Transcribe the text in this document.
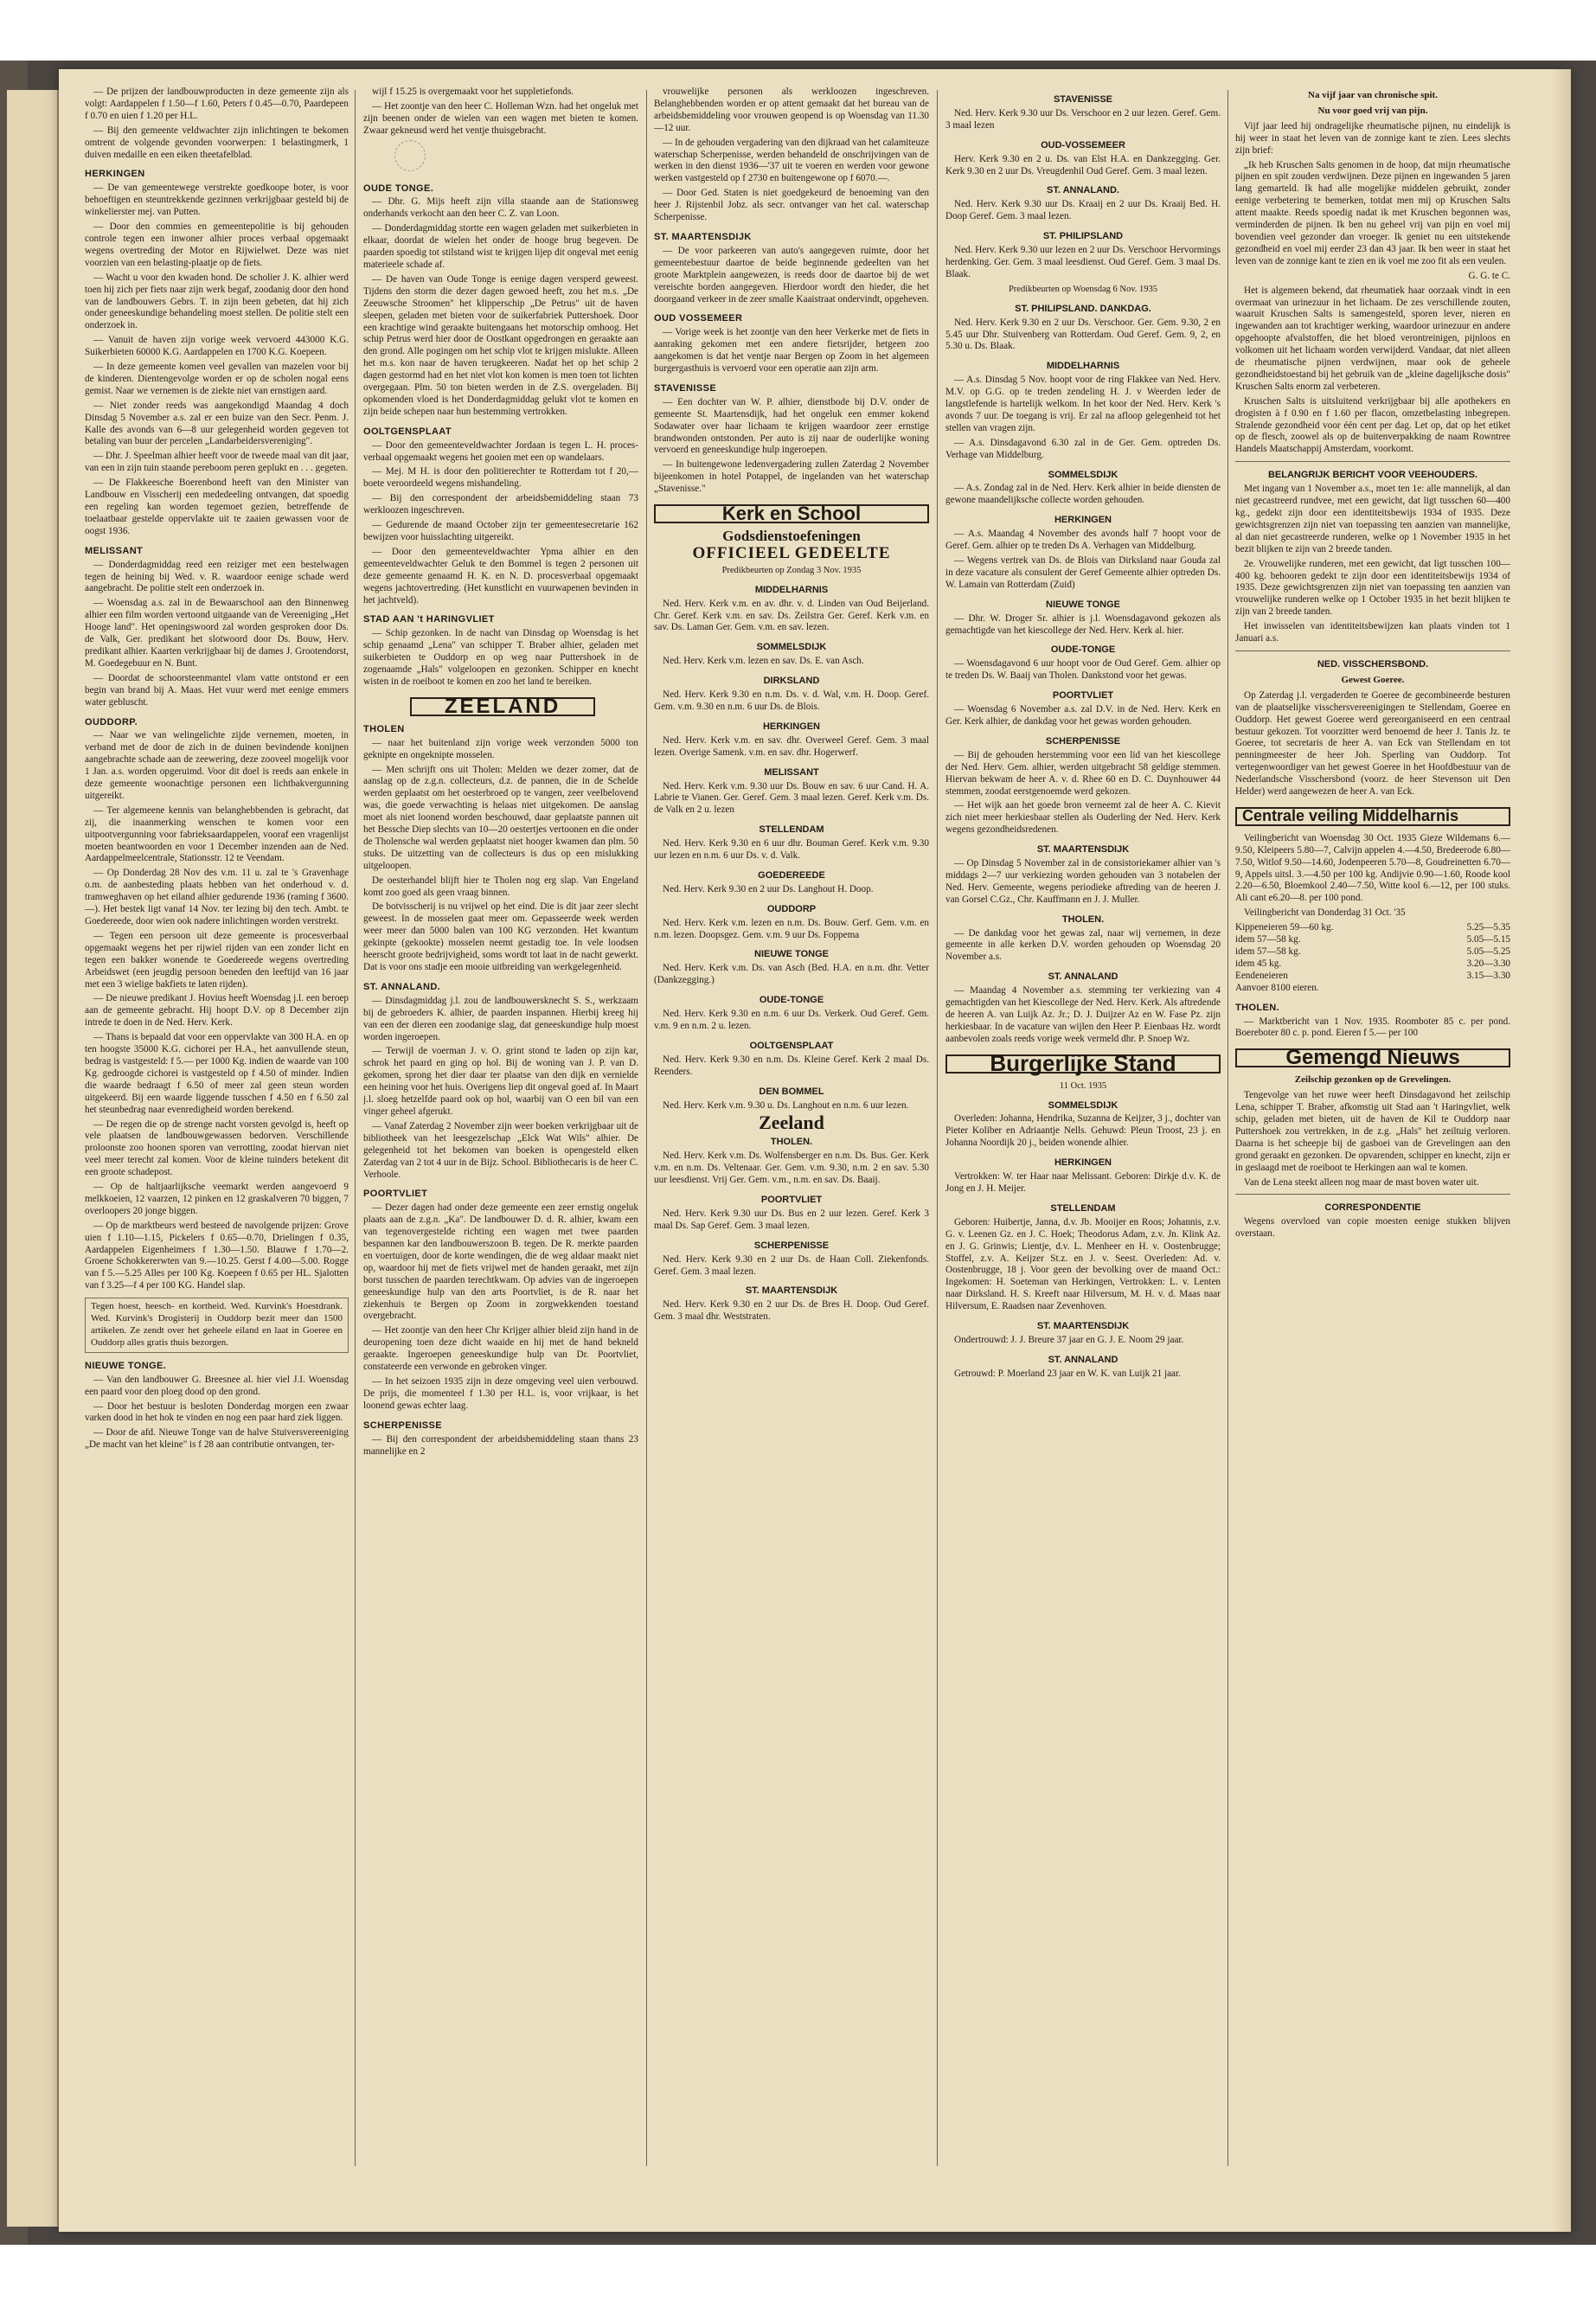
— De prijzen der landbouwproducten in deze gemeente zijn als volgt: Aardappelen f 1.50—f 1.60, Peters f 0.45—0.70, Paardepeen f 0.70 en uien f 1.20 per H.L.

— Bij den gemeente veldwachter zijn inlichtingen te bekomen omtrent de volgende gevonden voorwerpen: 1 belastingmerk, 1 duiven medaille en een eiken theetafelblad.

HERKINGEN

— De van gemeentewege verstrekte goedkoope boter, is voor behoeftigen en steuntrekkende gezinnen verkrijgbaar gesteld bij de winkelierster mej. van Putten.

— Door den commies en gemeentepolitie is bij gehouden controle tegen een inwoner alhier proces verbaal opgemaakt wegens overtreding der Motor en Rijwielwet. Deze was niet voorzien van een belasting-plaatje op de fiets.

— Wacht u voor den kwaden hond. De scholier J. K. alhier werd toen hij zich per fiets naar zijn werk begaf, zoodanig door den hond van de landbouwers Gebrs. T. in zijn been gebeten, dat hij zich onder geneeskundige behandeling moest stellen. De politie stelt een onderzoek in.

— Vanuit de haven zijn vorige week vervoerd 443000 K.G. Suikerbieten 60000 K.G. Aardappelen en 1700 K.G. Koepeen.

— In deze gemeente komen veel gevallen van mazelen voor bij de kinderen. Dientengevolge worden er op de scholen nogal eens gemist. Naar we vernemen is de ziekte niet van ernstigen aard.

— Niet zonder reeds was aangekondigd Maandag 4 doch Dinsdag 5 November a.s. zal er een buize van den Secr. Penm. J. Kalle des avonds van 6—8 uur gelegenheid worden gegeven tot betaling van buur der percelen „Landarbeidersvereniging".

— Dhr. J. Speelman alhier heeft voor de tweede maal van dit jaar, van een in zijn tuin staande pereboom peren geplukt en . . . gegeten.

— De Flakkeesche Boerenbond heeft van den Minister van Landbouw en Visscherij een mededeeling ontvangen, dat spoedig een regeling kan worden tegemoet gezien, betreffende de toelaatbaar gestelde oppervlakte uit te zaaien gewassen voor de oogst 1936.

MELISSANT

— Donderdagmiddag reed een reiziger met een bestelwagen tegen de heining bij Wed. v. R. waardoor eenige schade werd aangebracht. De politie stelt een onderzoek in.

— Woensdag a.s. zal in de Bewaarschool aan den Binnenweg alhier een film worden vertoond uitgaande van de Vereeniging „Het Hooge land". Het openingswoord zal worden gesproken door Ds. de Valk, Ger. predikant het slotwoord door Ds. Bouw, Herv. predikant alhier. Kaarten verkrijgbaar bij de dames J. Grootendorst, M. Goedegebuur en N. Bunt.

— Doordat de schoorsteenmantel vlam vatte ontstond er een begin van brand bij A. Maas. Het vuur werd met eenige emmers water gebluscht.

OUDDORP.

— Naar we van welingelichte zijde vernemen, moeten, in verband met de door de zich in de duinen bevindende konijnen aangebrachte schade aan de zeewering, deze zooveel mogelijk voor 1 Jan. a.s. worden opgeruimd. Voor dit doel is reeds aan enkele in deze gemeente woonachtige personen een lichtbakvergunning uitgereikt.

— Ter algemeene kennis van belanghebbenden is gebracht, dat zij, die inaanmerking wenschen te komen voor een uitpootvergunning voor fabrieksaardappelen, vooraf een vragenlijst moeten beantwoorden en voor 1 December inzenden aan de Ned. Aardappelmeelcentrale, Stationsstr. 12 te Veendam.

— Op Donderdag 28 Nov des v.m. 11 u. zal te 's Gravenhage o.m. de aanbesteding plaats hebben van het onderhoud v. d. tramweghaven op het eiland alhier gedurende 1936 (raming f 3600.—). Het bestek ligt vanaf 14 Nov. ter lezing bij den tech. Ambt. te Goedereede, door wien ook nadere inlichtingen worden verstrekt.

— Tegen een persoon uit deze gemeente is procesverbaal opgemaakt wegens het per rijwiel rijden van een zonder licht en tegen een bakker wonende te Goedereede wegens overtreding Arbeidswet (een jeugdig persoon beneden den leeftijd van 16 jaar met een 3 wielige bakfiets te laten rijden).

— De nieuwe predikant J. Hovius heeft Woensdag j.l. een beroep aan de gemeente gebracht. Hij hoopt D.V. op 8 December zijn intrede te doen in de Ned. Herv. Kerk.

— Thans is bepaald dat voor een oppervlakte van 300 H.A. en op ten hoogste 35000 K.G. cichorei per H.A., het aanvullende steun, bedrag is vastgesteld: f 5.— per 1000 Kg. indien de waarde van 100 Kg. gedroogde cichorei is vastgesteld op f 4.50 of minder. Indien die waarde bedraagt f 6.50 of meer zal geen steun worden uitgekeerd. Bij een waarde liggende tusschen f 4.50 en f 6.50 zal het steunbedrag naar evenredigheid worden berekend.

— De regen die op de strenge nacht vorsten gevolgd is, heeft op vele plaatsen de landbouwgewassen bedorven. Verschillende proloonste zoo hoonen sporen van verrotting, zoodat hiervan niet veel meer terecht zal komen. Voor de kleine tuinders betekent dit een groote schadepost.

— Op de haltjaarlijksche veemarkt werden aangevoerd 9 melkkoeien, 12 vaarzen, 12 pinken en 12 graskalveren 70 biggen, 7 overloopers 20 jonge biggen.

— Op de marktbeurs werd besteed de navolgende prijzen: Grove uien f 1.10—1.15, Pickelers f 0.65—0.70, Drielingen f 0.35, Aardappelen Eigenheimers f 1.30—1.50. Blauwe f 1.70—2. Groene Schokkererwten van 9.—10.25. Gerst f 4.00—5.00. Rogge van f 5.—5.25 Alles per 100 Kg. Koepeen f 0.65 per HL. Sjalotten van f 3.25—f 4 per 100 KG. Handel slap.

Tegen hoest, heesch- en kortheid. Wed. Kurvink's Hoestdrank. Wed. Kurvink's Drogisterij in Ouddorp bezit meer dan 1500 artikelen. Ze zendt over het geheele eiland en laat in Goeree en Ouddorp alles gratis thuis bezorgen.
NIEUWE TONGE.

— Van den landbouwer G. Breesnee al. hier viel J.I. Woensdag een paard voor den ploeg dood op den grond.

— Door het bestuur is besloten Donderdag morgen een zwaar varken dood in het hok te vinden en nog een paar hard ziek liggen.

— Door de afd. Nieuwe Tonge van de halve Stuiversvereeniging „De macht van het kleine" is f 28 aan contributie ontvangen, ter-

wijl f 15.25 is overgemaakt voor het suppletiefonds.

— Het zoontje van den heer C. Holleman Wzn. had het ongeluk met zijn beenen onder de wielen van een wagen met bieten te komen. Zwaar gekneusd werd het ventje thuisgebracht.

OUDE TONGE.

— Dhr. G. Mijs heeft zijn villa staande aan de Stationsweg onderhands verkocht aan den heer C. Z. van Loon.

— Donderdagmiddag stortte een wagen geladen met suikerbieten in elkaar, doordat de wielen het onder de hooge brug begeven. De paarden spoedig tot stilstand wist te krijgen lijep dit ongeval met eenig materieele schade af.

— De haven van Oude Tonge is eenige dagen versperd geweest. Tijdens den storm die dezer dagen gewoed heeft, zou het m.s. „De Zeeuwsche Stroomen" het klipperschip „De Petrus" uit de haven sleepen, geladen met bieten voor de suikerfabriek Puttershoek. Door een krachtige wind geraakte buitengaans het motorschip omhoog. Het schip Petrus werd hier door de Oostkant opgedrongen en geraakte aan den grond. Alle pogingen om het schip vlot te krijgen mislukte. Alleen het m.s. kon naar de haven terugkeeren. Nadat het op het schip 2 dagen gestormd had en het niet vlot kon komen is men toen tot lichten overgegaan. Plm. 50 ton bieten werden in de Z.S. overgeladen. Bij opkomenden vloed is het Donderdagmiddag gelukt vlot te komen en zijn beide schepen naar hun bestemming vertrokken.

OOLTGENSPLAAT

— Door den gemeenteveldwachter Jordaan is tegen L. H. proces-verbaal opgemaakt wegens het gooien met een op wandelaars.

— Mej. M H. is door den politierechter te Rotterdam tot f 20,— boete veroordeeld wegens mishandeling.

— Bij den correspondent der arbeidsbemiddeling staan 73 werkloozen ingeschreven.

— Gedurende de maand October zijn ter gemeentesecretarie 162 bewijzen voor huisslachting uitgereikt.

— Door den gemeenteveldwachter Ypma alhier en den gemeenteveldwachter Geluk te den Bommel is tegen 2 personen uit deze gemeente genaamd H. K. en N. D. procesverbaal opgemaakt wegens jachtovertreding. (Het kunstlicht en vuurwapenen bevinden in het jachtveld).

STAD AAN 't HARINGVLIET

— Schip gezonken. In de nacht van Dinsdag op Woensdag is het schip genaamd „Lena" van schipper T. Braber alhier, geladen met suikerbieten te Ouddorp en op weg naar Puttershoek in de zogenaamde „Hals" volgeloopen en gezonken. Schipper en knecht wisten in de roeiboot te komen en zoo het land te bereiken.

ZEELAND
THOLEN

— naar het buitenland zijn vorige week verzonden 5000 ton geknipte en ongeknipte mosselen.

— Men schrijft ons uit Tholen: Melden we dezer zomer, dat de aanslag op de z.g.n. collecteurs, d.z. de pannen, die in de Schelde werden geplaatst om het oesterbroed op te vangen, zeer veelbelovend was, die goede verwachting is helaas niet uitgekomen. De aanslag moet als niet loonend worden beschouwd, daar geplaatste pannen uit het Bessche Diep slechts van 10—20 oestertjes vertoonen en die onder de Tholensche wal werden geplaatst niet hooger kwamen dan plm. 50 stuks. De uitzetting van de collecteurs is dus op een mislukking uitgeloopen.

De oesterhandel blijft hier te Tholen nog erg slap. Van Engeland komt zoo goed als geen vraag binnen.

De botvisscherij is nu vrijwel op het eind. Die is dit jaar zeer slecht geweest. In de mosselen gaat meer om. Gepasseerde week werden weer meer dan 5000 balen van 100 KG verzonden. Het kwantum gekinpte (gekookte) mosselen neemt gestadig toe. In vele loodsen heerscht groote bedrijvigheid, soms wordt tot laat in de nacht gewerkt. Dat is voor ons stadje een mooie uitbreiding van werkgelegenheid.

ST. ANNALAND.

— Dinsdagmiddag j.l. zou de landbouwersknecht S. S., werkzaam bij de gebroeders K. alhier, de paarden inspannen. Hierbij kreeg hij van een der dieren een zoodanige slag, dat geneeskundige hulp moest worden ingeroepen.

— Terwijl de voerman J. v. O. grint stond te laden op zijn kar, schrok het paard en ging op hol. Bij de woning van J. P. van D. gekomen, sprong het dier daar ter plaatse van den dijk en vernielde een heining voor het huis. Overigens liep dit ongeval goed af. In Maart j.l. sloeg hetzelfde paard ook op hol, waarbij van O een bil van een vinger geheel afgerukt.

— Vanaf Zaterdag 2 November zijn weer boeken verkrijgbaar uit de bibliotheek van het leesgezelschap „Elck Wat Wils" alhier. De gelegenheid tot het bekomen van boeken is opengesteld elken Zaterdag van 2 tot 4 uur in de Bijz. School. Bibliothecaris is de heer C. Verhoole.

POORTVLIET

— Dezer dagen had onder deze gemeente een zeer ernstig ongeluk plaats aan de z.g.n. „Ka". De landbouwer D. d. R. alhier, kwam een van tegenovergestelde richting een wagen met twee paarden bespannen kar den landbouwerszoon B. tegen. De R. merkte paarden en voertuigen, door de korte wendingen, die de weg aldaar maakt niet op, waardoor hij met de fiets vrijwel met de handen geraakt, met zijn borst tusschen de paarden terechtkwam. Op advies van de ingeroepen geneeskundige hulp van den arts Poortvliet, is de R. naar het ziekenhuis te Bergen op Zoom in zorgwekkenden toestand overgebracht.

— Het zoontje van den heer Chr Krijger alhier bleid zijn hand in de deuropening toen deze dicht waaide en hij met de hand bekneld geraakte. Ingeroepen geneeskundige hulp van Dr. Poortvliet, constateerde een verwonde en gebroken vinger.

— In het seizoen 1935 zijn in deze omgeving veel uien verbouwd. De prijs, die momenteel f 1.30 per H.L. is, voor vrijkaar, is het loonend gewas echter laag.

SCHERPENISSE

— Bij den correspondent der arbeidsbemiddeling staan thans 23 mannelijke en 2

vrouwelijke personen als werkloozen ingeschreven. Belanghebbenden worden er op attent gemaakt dat het bureau van de arbeidsbemiddeling voor vrouwen geopend is op Woensdag van 11.30—12 uur.

— In de gehouden vergadering van den dijkraad van het calamiteuze waterschap Scherpenisse, werden behandeld de onschrijvingen van de werken in den dienst 1936—'37 uit te voeren en werden voor gewone werken vastgesteld op f 2730 en buitengewone op f 6070.—.

— Door Ged. Staten is niet goedgekeurd de benoeming van den heer J. Rijstenbil Jobz. als secr. ontvanger van het cal. waterschap Scherpenisse.

ST. MAARTENSDIJK

— De voor parkeeren van auto's aangegeven ruimte, door het gemeentebestuur daartoe de beide beginnende gedeelten van het groote Marktplein aangewezen, is reeds door de daartoe bij de wet vereischte borden aangegeven. Hierdoor wordt den hieder, die het doorgaand verkeer in de zeer smalle Kaaistraat ondervindt, opgeheven.

OUD VOSSEMEER

— Vorige week is het zoontje van den heer Verkerke met de fiets in aanraking gekomen met een andere fietsrijder, hetgeen zoo aangekomen is dat het ventje naar Bergen op Zoom in het algemeen burgergasthuis is vervoerd voor een operatie aan zijn arm.

STAVENISSE

— Een dochter van W. P. alhier, dienstbode bij D.V. onder de gemeente St. Maartensdijk, had het ongeluk een emmer kokend Sodawater over haar lichaam te krijgen waardoor zeer ernstige brandwonden ontstonden. Per auto is zij naar de ouderlijke woning vervoerd en geneeskundige hulp ingeroepen.

— In buitengewone ledenvergadering zullen Zaterdag 2 November bijeenkomen in hotel Potappel, de ingelanden van het waterschap „Stavenisse."

Kerk en School
Godsdienstoefeningen
OFFICIEEL GEDEELTE
Predikbeurten op Zondag 3 Nov. 1935
MIDDELHARNIS

Ned. Herv. Kerk v.m. en av. dhr. v. d. Linden van Oud Beijerland. Chr. Geref. Kerk v.m. en sav. Ds. Zeilstra Ger. Geref. Kerk v.m. en sav. Ds. Laman Ger. Gem. v.m. en sav. lezen.

SOMMELSDIJK

Ned. Herv. Kerk v.m. lezen en sav. Ds. E. van Asch.

DIRKSLAND

Ned. Herv. Kerk 9.30 en n.m. Ds. v. d. Wal, v.m. H. Doop. Geref. Gem. v.m. 9.30 en n.m. 6 uur Ds. de Blois.

HERKINGEN

Ned. Herv. Kerk v.m. en sav. dhr. Overweel Geref. Gem. 3 maal lezen. Overige Samenk. v.m. en sav. dhr. Hogerwerf.

MELISSANT

Ned. Herv. Kerk v.m. 9.30 uur Ds. Bouw en sav. 6 uur Cand. H. A. Labrie te Vianen. Ger. Geref. Gem. 3 maal lezen. Geref. Kerk v.m. Ds. de Valk en 2 u. lezen

STELLENDAM

Ned. Herv. Kerk 9.30 en 6 uur dhr. Bouman Geref. Kerk v.m. 9.30 uur lezen en n.m. 6 uur Ds. v. d. Valk.

GOEDEREEDE

Ned. Herv. Kerk 9.30 en 2 uur Ds. Langhout H. Doop.

OUDDORP

Ned. Herv. Kerk v.m. lezen en n.m. Ds. Bouw. Gerf. Gem. v.m. en n.m. lezen. Doopsgez. Gem. v.m. 9 uur Ds. Foppema

NIEUWE TONGE

Ned. Herv. Kerk v.m. Ds. van Asch (Bed. H.A. en n.m. dhr. Vetter (Dankzegging.)

OUDE-TONGE

Ned. Herv. Kerk 9.30 en n.m. 6 uur Ds. Verkerk. Oud Geref. Gem. v.m. 9 en n.m. 2 u. lezen.

OOLTGENSPLAAT

Ned. Herv. Kerk 9.30 en n.m. Ds. Kleine Geref. Kerk 2 maal Ds. Reenders.

DEN BOMMEL

Ned. Herv. Kerk v.m. 9.30 u. Ds. Langhout en n.m. 6 uur lezen.

Zeeland
THOLEN.

Ned. Herv. Kerk v.m. Ds. Wolfensberger en n.m. Ds. Bus. Ger. Kerk v.m. en n.m. Ds. Veltenaar. Ger. Gem. v.m. 9.30, n.m. 2 en sav. 5.30 uur leesdienst. Vrij Ger. Gem. v.m., n.m. en sav. Ds. Baaij.

POORTVLIET

Ned. Herv. Kerk 9.30 uur Ds. Bus en 2 uur lezen. Geref. Kerk 3 maal Ds. Sap Geref. Gem. 3 maal lezen.

SCHERPENISSE

Ned. Herv. Kerk 9.30 en 2 uur Ds. de Haan Coll. Ziekenfonds. Geref. Gem. 3 maal lezen.

ST. MAARTENSDIJK

Ned. Herv. Kerk 9.30 en 2 uur Ds. de Bres H. Doop. Oud Geref. Gem. 3 maal dhr. Weststraten.

STAVENISSE

Ned. Herv. Kerk 9.30 uur Ds. Verschoor en 2 uur lezen. Geref. Gem. 3 maal lezen

OUD-VOSSEMEER

Herv. Kerk 9.30 en 2 u. Ds. van Elst H.A. en Dankzegging. Ger. Kerk 9.30 en 2 uur Ds. Vreugdenhil Oud Geref. Gem. 3 maal lezen.

ST. ANNALAND.

Ned. Herv. Kerk 9.30 uur Ds. Kraaij en 2 uur Ds. Kraaij Bed. H. Doop Geref. Gem. 3 maal lezen.

ST. PHILIPSLAND

Ned. Herv. Kerk 9.30 uur lezen en 2 uur Ds. Verschoor Hervormings herdenking. Ger. Gem. 3 maal leesdienst. Oud Geref. Gem. 3 maal Ds. Blaak.

Predikbeurten op Woensdag 6 Nov. 1935
ST. PHILIPSLAND. DANKDAG.

Ned. Herv. Kerk 9.30 en 2 uur Ds. Verschoor. Ger. Gem. 9.30, 2 en 5.45 uur Dhr. Stuivenberg van Rotterdam. Oud Geref. Gem. 9, 2, en 5.30 u. Ds. Blaak.

MIDDELHARNIS

— A.s. Dinsdag 5 Nov. hoopt voor de ring Flakkee van Ned. Herv. M.V. op G.G. op te treden zendeling H. J. v Weerden leder de langstlefende is hartelijk welkom. In het koor der Ned. Herv. Kerk 's avonds 7 uur. De toegang is vrij. Er zal na afloop gelegenheid tot het stellen van vragen zijn.

— A.s. Dinsdagavond 6.30 zal in de Ger. Gem. optreden Ds. Verhage van Middelburg.

SOMMELSDIJK

— A.s. Zondag zal in de Ned. Herv. Kerk alhier in beide diensten de gewone maandelijksche collecte worden gehouden.

HERKINGEN

— A.s. Maandag 4 November des avonds half 7 hoopt voor de Geref. Gem. alhier op te treden Ds A. Verhagen van Middelburg.

— Wegens vertrek van Ds. de Blois van Dirksland naar Gouda zal in deze vacature als consulent der Geref Gemeente alhier optreden Ds. W. Lamain van Rotterdam (Zuid)

NIEUWE TONGE

— Dhr. W. Droger Sr. alhier is j.l. Woensdagavond gekozen als gemachtigde van het kiescollege der Ned. Herv. Kerk al. hier.

OUDE-TONGE

— Woensdagavond 6 uur hoopt voor de Oud Geref. Gem. alhier op te treden Ds. W. Baaij van Tholen. Dankstond voor het gewas.

POORTVLIET

— Woensdag 6 November a.s. zal D.V. in de Ned. Herv. Kerk en Ger. Kerk alhier, de dankdag voor het gewas worden gehouden.

SCHERPENISSE

— Bij de gehouden herstemming voor een lid van het kiescollege der Ned. Herv. Gem. alhier, werden uitgebracht 58 geldige stemmen. Hiervan bekwam de heer A. v. d. Rhee 60 en D. C. Duynhouwer 44 stemmen, zoodat eerstgenoemde werd gekozen.

— Het wijk aan het goede bron verneemt zal de heer A. C. Kievit zich niet meer herkiesbaar stellen als Ouderling der Ned. Herv. Kerk wegens gezondheidsredenen.

ST. MAARTENSDIJK

— Op Dinsdag 5 November zal in de consistoriekamer alhier van 's middags 2—7 uur verkiezing worden gehouden van 3 notabelen der Ned. Herv. Gemeente, wegens periodieke aftreding van de heeren J. van Gorsel C.Gz., Chr. Kauffmann en J. J. Muller.

THOLEN.

— De dankdag voor het gewas zal, naar wij vernemen, in deze gemeente in alle kerken D.V. worden gehouden op Woensdag 20 November a.s.

ST. ANNALAND

— Maandag 4 November a.s. stemming ter verkiezing van 4 gemachtigden van het Kiescollege der Ned. Herv. Kerk. Als aftredende de heeren A. van Luijk Az. Jr.; D. J. Duijzer Az en W. Fase Pz. zijn herkiesbaar. In de vacature van wijlen den Heer P. Eienbaas Hz. wordt aanbevolen zoals reeds vorige week vermeld dhr. P. Snoep Wz.

Burgerlijke Stand
11 Oct. 1935
SOMMELSDIJK

Overleden: Johanna, Hendrika, Suzanna de Keijzer, 3 j., dochter van Pieter Koliber en Adriaantje Nells. Gehuwd: Pleun Troost, 23 j. en Johanna Noordijk 20 j., beiden wonende alhier.

HERKINGEN

Vertrokken: W. ter Haar naar Melissant. Geboren: Dirkje d.v. K. de Jong en J. H. Meijer.

STELLENDAM

Geboren: Huibertje, Janna, d.v. Jb. Mooijer en Roos; Johannis, z.v. G. v. Leenen Gz. en J. C. Hoek; Theodorus Adam, z.v. Jn. Klink Az. en J. G. Grinwis; Lientje, d.v. L. Menheer en H. v. Oostenbrugge; Stoffel, z.v. A. Keijzer St.z. en J. v. Seest. Overleden: Ad. v. Oostenbrugge, 18 j. Voor geen der bevolking over de maand Oct.: Ingekomen: H. Soeteman van Herkingen, Vertrokken: L. v. Lenten naar Dirksland. H. S. Kreeft naar Hilversum, M. H. v. d. Maas naar Hilversum, E. Raadsen naar Zevenhoven.

ST. MAARTENSDIJK

Ondertrouwd: J. J. Breure 37 jaar en G. J. E. Noom 29 jaar.

ST. ANNALAND

Getrouwd: P. Moerland 23 jaar en W. K. van Luijk 21 jaar.

Na vijf jaar van chronische spit.
Nu voor goed vrij van pijn.

Vijf jaar leed hij ondragelijke rheumatische pijnen, nu eindelijk is hij weer in staat het leven van de zonnige kant te zien. Lees slechts zijn brief:

„Ik heb Kruschen Salts genomen in de hoop, dat mijn rheumatische pijnen en spit zouden verdwijnen. Deze pijnen en ingewanden 5 jaren lang gemarteld. Ik had alle mogelijke middelen gebruikt, zonder eenige verbetering te bemerken, totdat men mij op Kruschen Salts attent maakte. Reeds spoedig nadat ik met Kruschen begonnen was, verminderden de pijnen. Ik ben nu geheel vrij van pijn en voel mij bovendien veel gezonder dan vroeger. Ik geniet nu een uitstekende gezondheid en voel mij eerder 23 dan 43 jaar. Ik ben weer in staat het leven van de zonnige kant te zien en ik voel me zoo fit als een veulen.

G. G. te C.

Het is algemeen bekend, dat rheumatiek haar oorzaak vindt in een overmaat van urinezuur in het lichaam. De zes verschillende zouten, waaruit Kruschen Salts is samengesteld, sporen lever, nieren en ingewanden aan tot krachtiger werking, waardoor urinezuur en andere opgehoopte afvalstoffen, die het bloed verontreinigen, pijnloos en volkomen uit het lichaam worden verwijderd. Vandaar, dat niet alleen de rheumatische pijnen verdwijnen, maar ook de geheele gezondheidstoestand bij het gebruik van de „kleine dagelijksche dosis" Kruschen Salts enorm zal verbeteren.

Kruschen Salts is uitsluitend verkrijgbaar bij alle apothekers en drogisten à f 0.90 en f 1.60 per flacon, omzetbelasting inbegrepen. Stralende gezondheid voor één cent per dag. Let op, dat op het etiket op de flesch, zoowel als op de buitenverpakking de naam Rowntree Handels Maatschappij Amsterdam, voorkomt.

BELANGRIJK BERICHT VOOR VEEHOUDERS.

Met ingang van 1 November a.s., moet ten 1e: alle mannelijk, al dan niet gecastreerd rundvee, met een gewicht, dat ligt tusschen 60—400 kg., gedekt zijn door een identiteitsbewijs 1934 of 1935. Deze gewichtsgrenzen zijn niet van toepassing ten aanzien van mannelijke, al dan niet gecastreerde runderen, welke op 1 November 1935 in het bezit blijken te zijn van 2 breede tanden.

2e. Vrouwelijke runderen, met een gewicht, dat ligt tusschen 100—400 kg. behooren gedekt te zijn door een identiteitsbewijs 1934 of 1935. Deze gewichtsgrenzen zijn niet van toepassing ten aanzien van vrouwelijke runderen welke op 1 October 1935 in het bezit blijken te zijn van 2 breede tanden.

Het inwisselen van identiteitsbewijzen kan plaats vinden tot 1 Januari a.s.

NED. VISSCHERSBOND.
Gewest Goeree.

Op Zaterdag j.l. vergaderden te Goeree de gecombineerde besturen van de plaatselijke visschersvereenigingen te Stellendam, Goeree en Ouddorp. Het gewest Goeree werd gereorganiseerd en een centraal bestuur gekozen. Tot voorzitter werd benoemd de heer J. Tanis Jz. te Goeree, tot secretaris de heer A. van Eck van Stellendam en tot penningmeester de heer Joh. Sperling van Ouddorp. Tot vertegenwoordiger van het gewest Goeree in het Hoofdbestuur van de Nederlandsche Visschersbond (voorz. de heer Stevenson uit Den Helder) werd aangewezen de heer A. van Eck.

Centrale veiling Middelharnis

Veilingbericht van Woensdag 30 Oct. 1935 Gieze Wildemans 6.—9.50, Kleipeers 5.80—7, Calvijn appelen 4.—4.50, Bredeerode 6.80—7.50, Witlof 9.50—14.60, Jodenpeeren 5.70—8, Goudreinetten 6.70—9, Appels uitsl. 3.—4.50 per 100 kg. Andijvie 0.90—1.60, Roode kool 2.20—6.50, Bloemkool 2.40—7.50, Witte kool 6.—12, per 100 stuks. Ali cant e6.20—8. per 100 pond.

Veilingbericht van Donderdag 31 Oct. '35

Kippeneieren 59—60 kg.	5.25—5.35
idem 57—58 kg.	5.05—5.15
idem 57—58 kg.	5.05—5.25
idem 45 kg.	3.20—3.30
Eendeneieren	3.15—3.30
Aanvoer 8100 eieren.
THOLEN.

— Marktbericht van 1 Nov. 1935. Roomboter 85 c. per pond. Boereboter 80 c. p. pond. Eieren f 5.— per 100

Gemengd Nieuws
Zeilschip gezonken op de Grevelingen.

Tengevolge van het ruwe weer heeft Dinsdagavond het zeilschip Lena, schipper T. Braber, afkomstig uit Stad aan 't Haringvliet, welk schip, geladen met bieten, uit de haven de Kil te Ouddorp naar Puttershoek zou vertrekken, in de z.g. „Hals" het zeiltuig verloren. Daarna is het scheepje bij de gasboei van de Grevelingen aan den grond geraakt en gezonken. De opvarenden, schipper en knecht, zijn er in geslaagd met de roeiboot te Herkingen aan wal te komen.

Van de Lena steekt alleen nog maar de mast boven water uit.

CORRESPONDENTIE

Wegens overvloed van copie moesten eenige stukken blijven overstaan.
